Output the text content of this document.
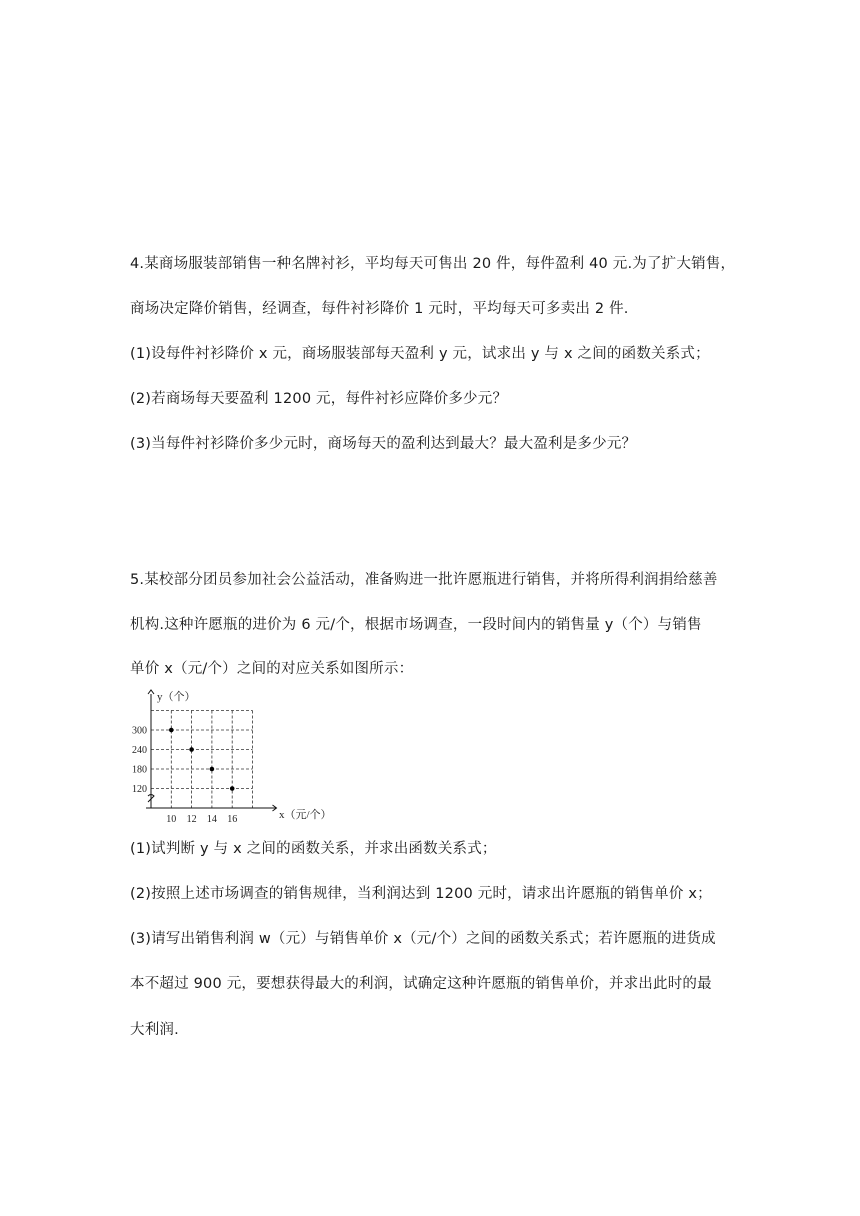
4.某商场服装部销售一种名牌衬衫，平均每天可售出 20 件，每件盈利 40 元.为了扩大销售，
商场决定降价销售，经调查，每件衬衫降价 1 元时，平均每天可多卖出 2 件.
(1)设每件衬衫降价 x 元，商场服装部每天盈利 y 元，试求出 y 与 x 之间的函数关系式；
(2)若商场每天要盈利 1200 元，每件衬衫应降价多少元？
(3)当每件衬衫降价多少元时，商场每天的盈利达到最大？最大盈利是多少元？
5.某校部分团员参加社会公益活动，准备购进一批许愿瓶进行销售，并将所得利润捐给慈善
机构.这种许愿瓶的进价为 6 元/个，根据市场调查，一段时间内的销售量 y（个）与销售
单价 x（元/个）之间的对应关系如图所示：
10 12 14 16
120
180
240
300
y（个）
x（元/个）
(1)试判断 y 与 x 之间的函数关系，并求出函数关系式；
(2)按照上述市场调查的销售规律，当利润达到 1200 元时，请求出许愿瓶的销售单价 x；
(3)请写出销售利润 w（元）与销售单价 x（元/个）之间的函数关系式；若许愿瓶的进货成
本不超过 900 元，要想获得最大的利润，试确定这种许愿瓶的销售单价，并求出此时的最
大利润.
